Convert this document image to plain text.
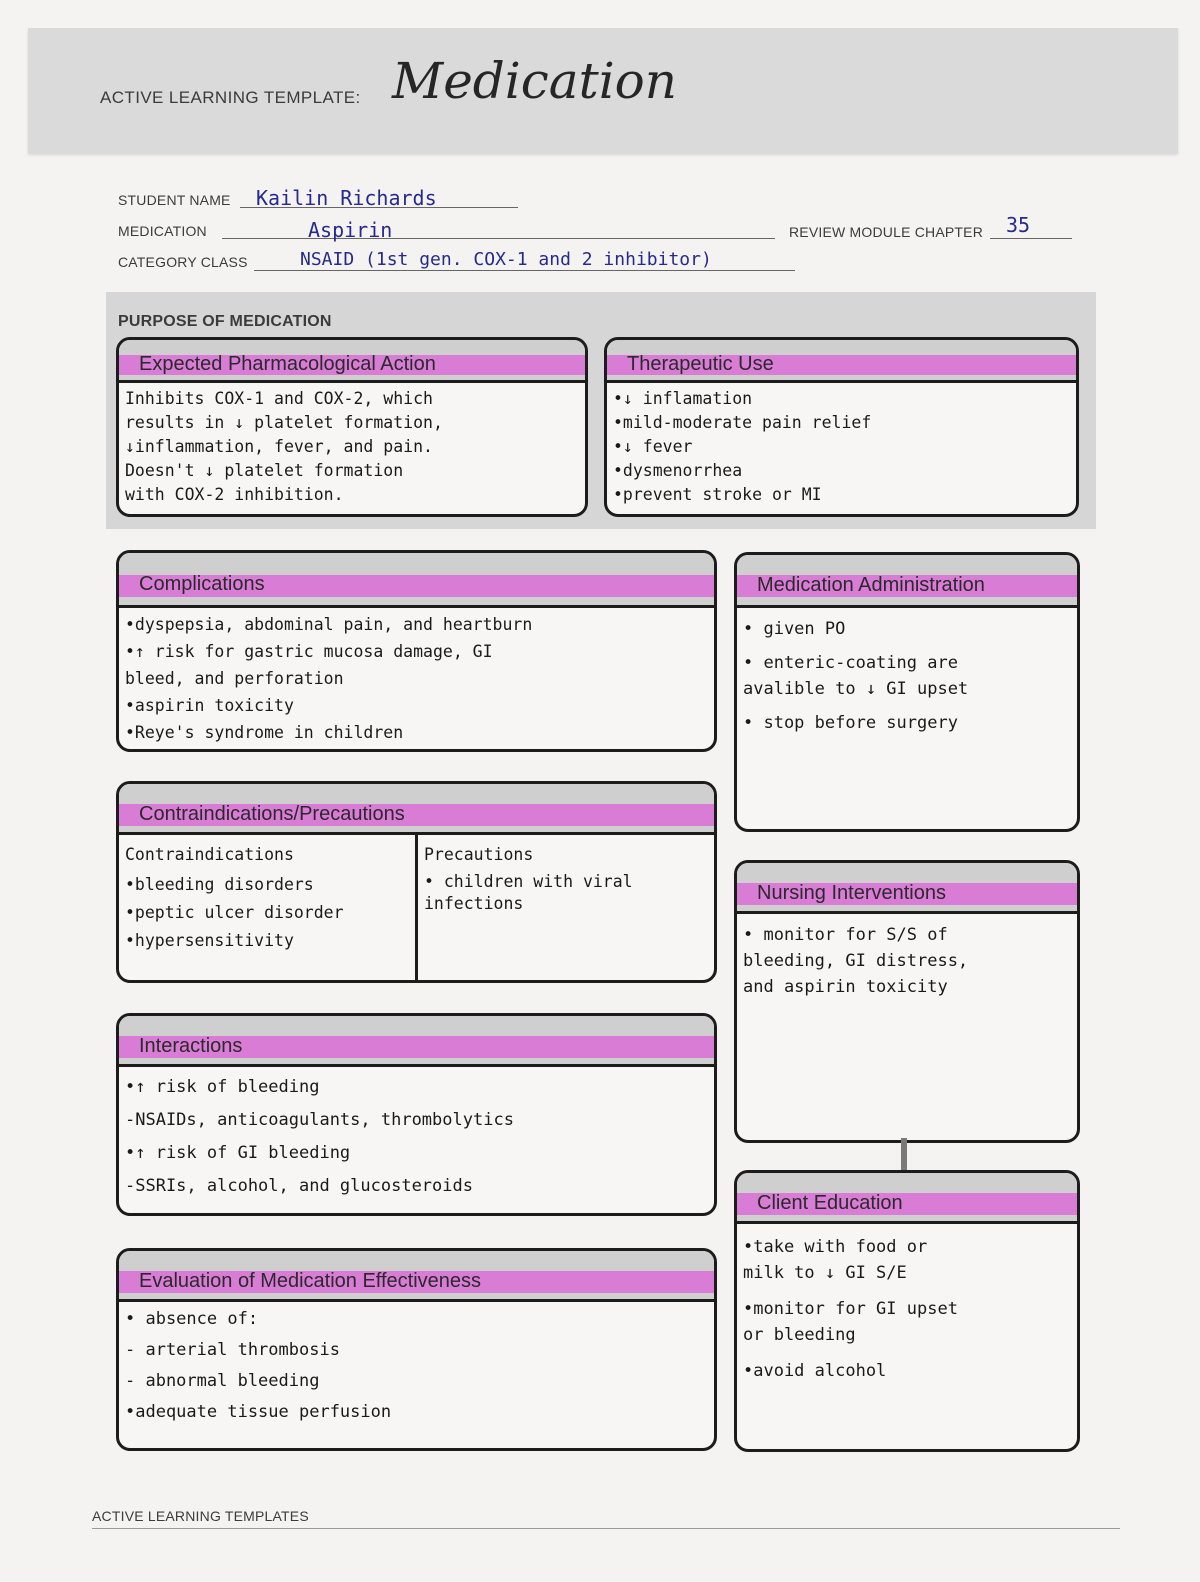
ACTIVE LEARNING TEMPLATE: Medication
STUDENT NAME Kailin Richards
MEDICATION	Aspirin	REVIEW MODULE CHAPTER 35
CATEGORY CLASS	NSAID (1st gen. COX-1 and 2 inhibitor)
PURPOSE OF MEDICATION
Expected Pharmacological Action
Inhibits COX-1 and COX-2, which
results in ↓ platelet formation,
↓inflammation, fever, and pain.
Doesn't ↓ platelet formation
with COX-2 inhibition.
Therapeutic Use
•↓ inflamation
•mild-moderate pain relief
•↓ fever
•dysmenorrhea
•prevent stroke or MI
Complications
•dyspepsia, abdominal pain, and heartburn
•↑ risk for gastric mucosa damage, GI
bleed, and perforation
•aspirin toxicity
•Reye's syndrome in children
Medication Administration
• given PO
• enteric-coating are
avalible to ↓ GI upset
• stop before surgery
Contraindications/Precautions
Contraindications
•bleeding disorders
•peptic ulcer disorder
•hypersensitivity
Precautions
• children with viral
infections	Nursing Interventions
• monitor for S/S of
bleeding, GI distress,
and aspirin toxicity
Interactions
•↑ risk of bleeding
-NSAIDs, anticoagulants, thrombolytics
•↑ risk of GI bleeding
-SSRIs, alcohol, and glucosteroids
Client Education
•take with food or
milk to ↓ GI S/E
•monitor for GI upset
or bleeding
•avoid alcohol
Evaluation of Medication Effectiveness
• absence of:
- arterial thrombosis
- abnormal bleeding
•adequate tissue perfusion
ACTIVE LEARNING TEMPLATES
